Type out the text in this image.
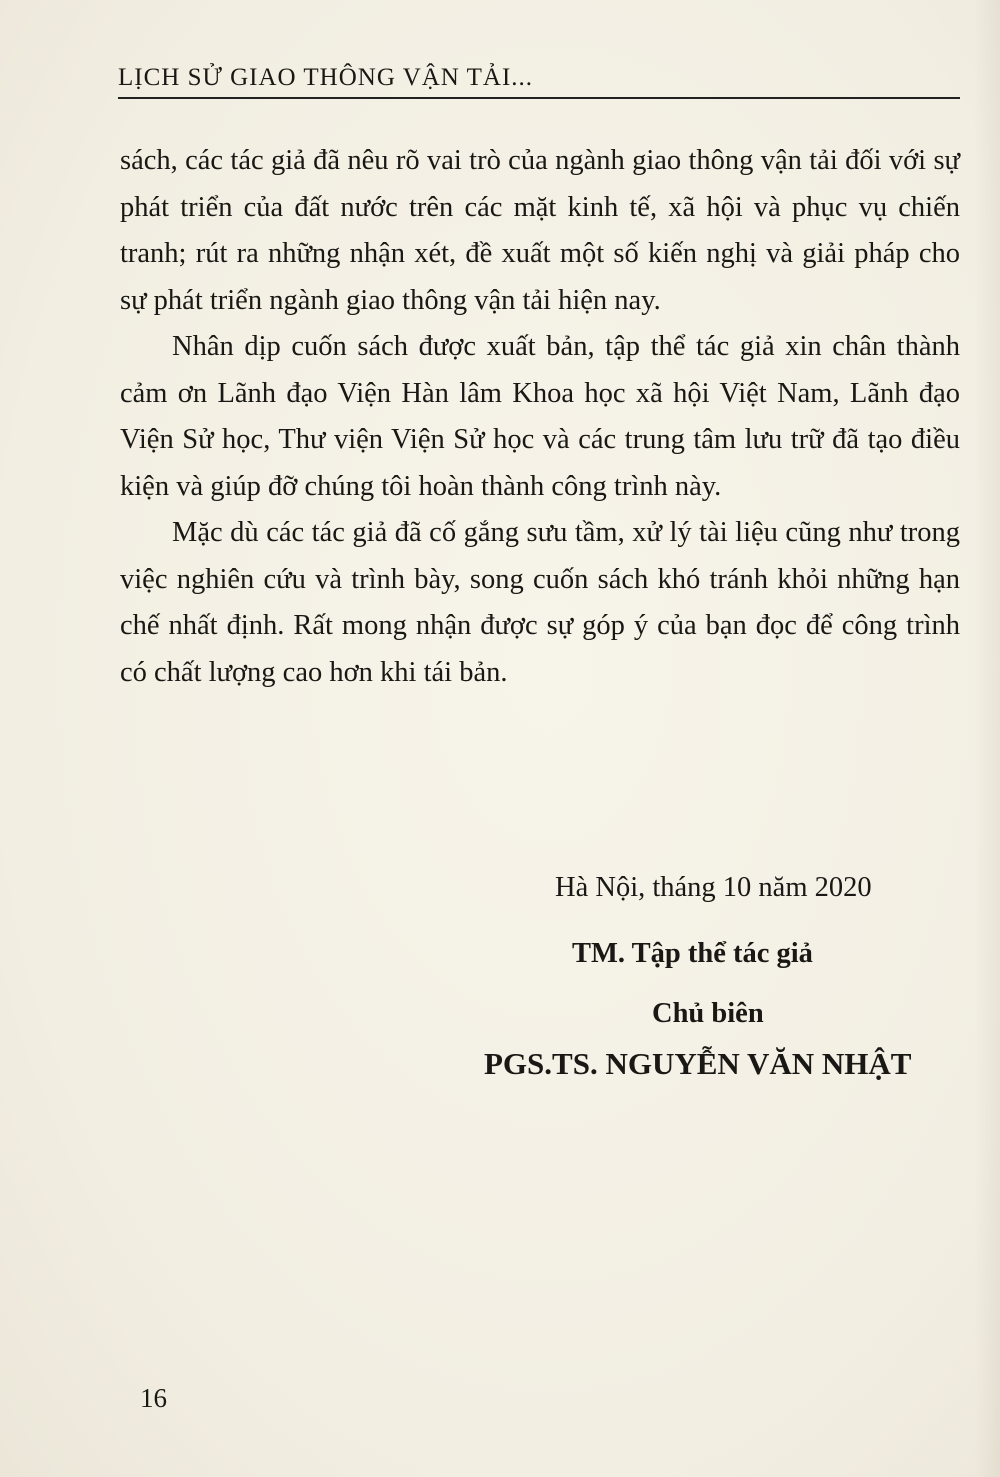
LỊCH SỬ GIAO THÔNG VẬN TẢI...

sách, các tác giả đã nêu rõ vai trò của ngành giao thông vận tải đối với sự phát triển của đất nước trên các mặt kinh tế, xã hội và phục vụ chiến tranh; rút ra những nhận xét, đề xuất một số kiến nghị và giải pháp cho sự phát triển ngành giao thông vận tải hiện nay.

Nhân dịp cuốn sách được xuất bản, tập thể tác giả xin chân thành cảm ơn Lãnh đạo Viện Hàn lâm Khoa học xã hội Việt Nam, Lãnh đạo Viện Sử học, Thư viện Viện Sử học và các trung tâm lưu trữ đã tạo điều kiện và giúp đỡ chúng tôi hoàn thành công trình này.

Mặc dù các tác giả đã cố gắng sưu tầm, xử lý tài liệu cũng như trong việc nghiên cứu và trình bày, song cuốn sách khó tránh khỏi những hạn chế nhất định. Rất mong nhận được sự góp ý của bạn đọc để công trình có chất lượng cao hơn khi tái bản.

Hà Nội, tháng 10 năm 2020
TM. Tập thể tác giả
Chủ biên
PGS.TS. NGUYỄN VĂN NHẬT
16
